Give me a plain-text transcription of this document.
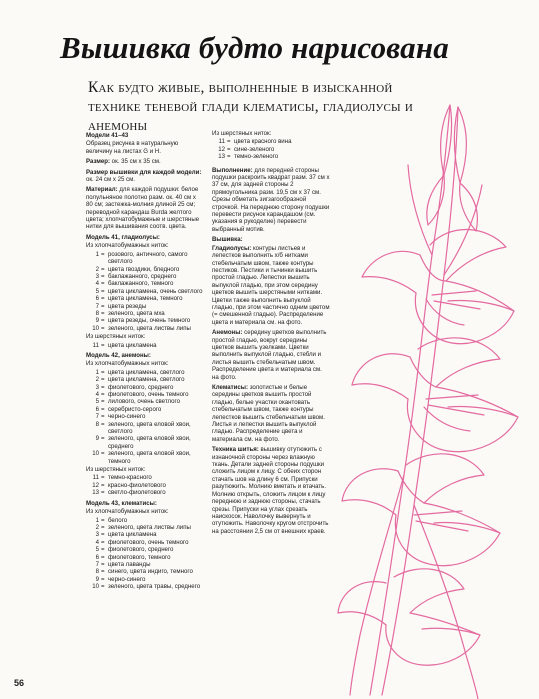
Вышивка будто нарисована
Как будто живые, выполненные в изысканной технике теневой глади клематисы, гладиолусы и анемоны

Модели 41–43

Образец рисунка в натуральную величину на листах G и H.

Размер: ок. 35 см х 35 см.

Размер вышивки для каждой модели: ок. 24 см х 25 см.

Материал: для каждой подушки: белое полульняное полотно разм. ок. 40 см х 80 см; застежка-молния длиной 25 см; переводной карандаш Burda желтого цвета; хлопчатобумажные и шерстяные нитки для вышивания соотв. цвета.

Модель 41, гладиолусы:

Из хлопчатобумажных ниток:

1 = розового, античного, самого светлого
2 = цвета гвоздики, бледного
3 = баклажанного, среднего
4 = баклажанного, темного
5 = цвета цикламена, очень светлого
6 = цвета цикламена, темного
7 = цвета резеды
8 = зеленого, цвета мха
9 = цвета резеды, очень темного
10 = зеленого, цвета листвы липы

Из шерстяных ниток:

11 = цвета цикламена

Модель 42, анемоны:

Из хлопчатобумажных ниток:

1 = цвета цикламена, светлого
2 = цвета цикламена, светлого
3 = фиолетового, среднего
4 = фиолетового, очень темного
5 = лилового, очень светлого
6 = серебристо-серого
7 = черно-синего
8 = зеленого, цвета еловой хвои, светлого
9 = зеленого, цвета еловой хвои, среднего
10 = зеленого, цвета еловой хвои, темного

Из шерстяных ниток:

11 = темно-красного
12 = красно-фиолетового
13 = светло-фиолетового

Модель 43, клематисы:

Из хлопчатобумажных ниток:

1 = белого
2 = зеленого, цвета листвы липы
3 = цвета цикламена
4 = фиолетового, очень темного
5 = фиолетового, среднего
6 = фиолетового, темного
7 = цвета лаванды
8 = синего, цвета индиго, темного
9 = черно-синего
10 = зеленого, цвета травы, среднего

Из шерстяных ниток:

11 = цвета красного вина
12 = сине-зеленого
13 = темно-зеленого

Выполнение: для передней стороны подушки раскроить квадрат разм. 37 см х 37 см, для задней стороны 2 прямоугольника разм. 19,5 см х 37 см. Срезы обметать зигзагообразной строчкой. На переднюю сторону подушки перевести рисунок карандашом (см. указания в рукоделие) перевести выбранный мотив.

Вышивка:

Гладиолусы: контуры листьев и лепестков выполнить х/б нитками стебельчатым швом, также контуры пестиков. Пестики и тычинки вышить простой гладью. Лепестки вышить выпуклой гладью, при этом середину цветков вышить шерстяными нитками. Цветки также выполнить выпуклой гладью, при этом частично одним цветом (= смешенной гладью). Распределение цвета и материала см. на фото.

Анемоны: середину цветков выполнить простой гладью, вокруг середины цветков вышить узелками. Цветки выполнить выпуклой гладью, стебли и листья вышить стебельчатым швом. Распределение цвета и материала см. на фото.

Клематисы: золотистые и белые середины цветков вышить простой гладью, белые участки окантовать стебельчатым швом, также контуры лепестков вышить стебельчатым швом. Листья и лепестки вышить выпуклой гладью. Распределение цвета и материала см. на фото.

Техника шитья: вышивку отутюжить с изнаночной стороны через влажную ткань. Детали задней стороны подушки сложить лицом к лицу. С обеих сторон стачать шов на длину 6 см. Припуски разутюжить. Молнию вметать и втачать. Молнию открыть, сложить лицом к лицу переднюю и заднюю стороны, стачать срезы. Припуски на углах срезать наискосок. Наволочку вывернуть и отутюжить. Наволочку кругом отстрочить на расстоянии 2,5 см от внешних краев.

56
